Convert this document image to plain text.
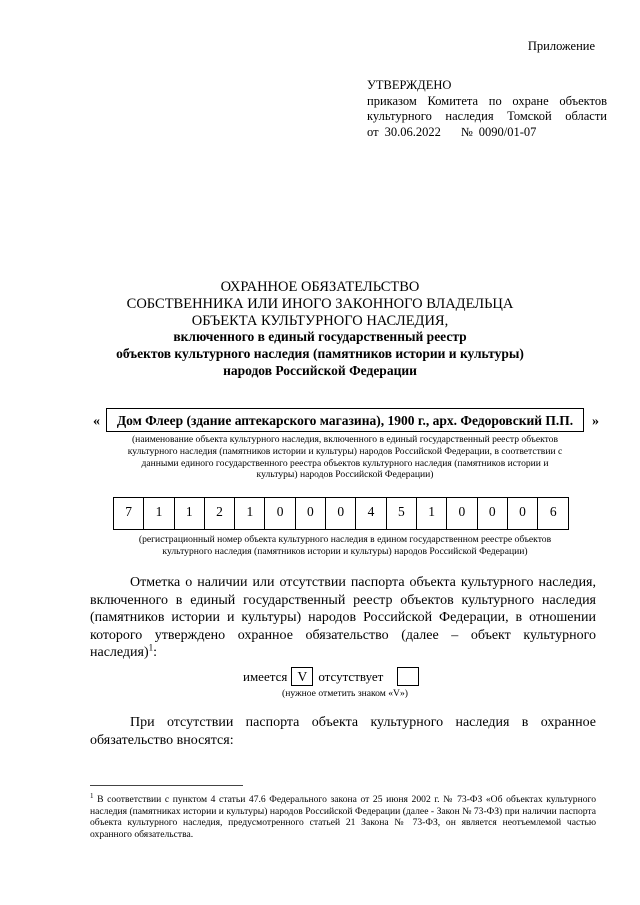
Приложение
УТВЕРЖДЕНО
приказом Комитета по охране объектов
культурного наследия Томской области
от 30.06.2022 № 0090/01-07
ОХРАННОЕ ОБЯЗАТЕЛЬСТВО
СОБСТВЕННИКА ИЛИ ИНОГО ЗАКОННОГО ВЛАДЕЛЬЦА
ОБЪЕКТА КУЛЬТУРНОГО НАСЛЕДИЯ,
включенного в единый государственный реестр
объектов культурного наследия (памятников истории и культуры)
народов Российской Федерации
«	Дом Флеер (здание аптекарского магазина), 1900 г., арх. Федоровский П.П.	»
(наименование объекта культурного наследия, включенного в единый государственный реестр объектов
культурного наследия (памятников истории и культуры) народов Российской Федерации, в соответствии с
данными единого государственного реестра объектов культурного наследия (памятников истории и
культуры) народов Российской Федерации)
7	1	1	2	1	0	0	0	4	5	1	0	0	0	6
(регистрационный номер объекта культурного наследия в едином государственном реестре объектов
культурного наследия (памятников истории и культуры) народов Российской Федерации)

Отметка о наличии или отсутствии паспорта объекта культурного наследия, включенного в единый государственный реестр объектов культурного наследия (памятников истории и культуры) народов Российской Федерации, в отношении которого утверждено охранное обязательство (далее – объект культурного наследия)$^1$:

имеется V отсутствует
(нужное отметить знаком «V»)

При отсутствии паспорта объекта культурного наследия в охранное обязательство вносятся:

$^1$ В соответствии с пунктом 4 статьи 47.6 Федерального закона от 25 июня 2002 г. № 73-ФЗ «Об объектах культурного наследия (памятниках истории и культуры) народов Российской Федерации (далее - Закон № 73-ФЗ) при наличии паспорта объекта культурного наследия, предусмотренного статьей 21 Закона № 73-ФЗ, он является неотъемлемой частью охранного обязательства.
